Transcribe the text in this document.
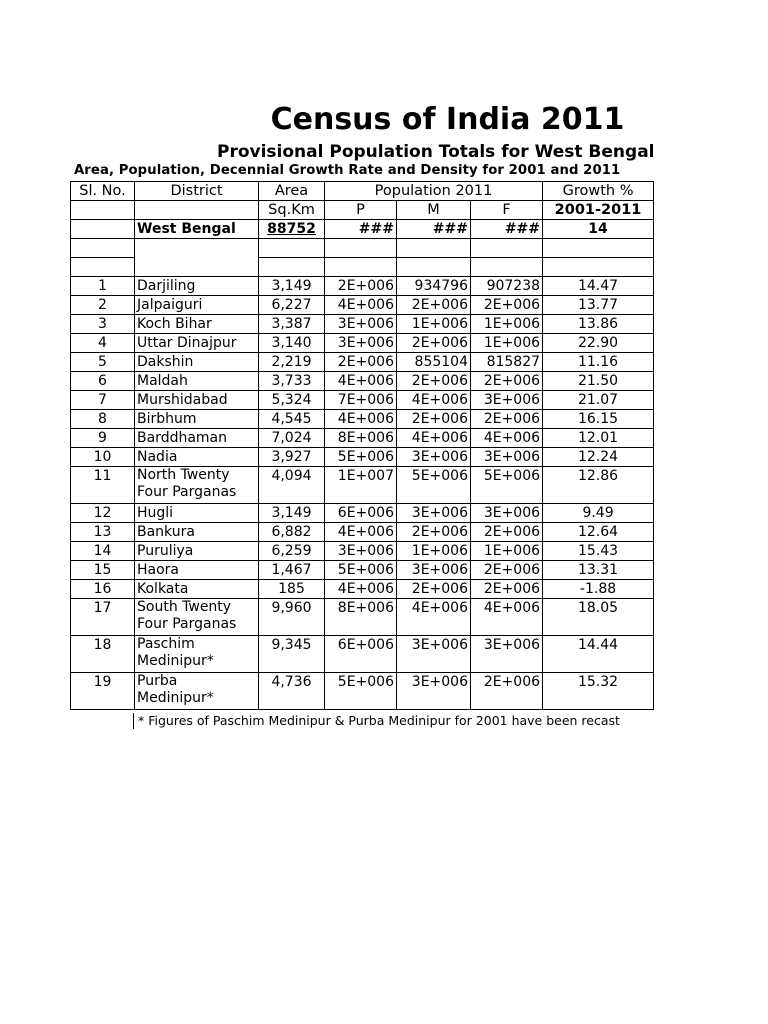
Census of India 2011
Provisional Population Totals for West Bengal
Area, Population, Decennial Growth Rate and Density for 2001 and 2011
Sl. No.	District	Area	Population 2011			Growth %
		Sq.Km	P	M	F	2001-2011
	West Bengal	88752	###	###	###	14

1	Darjiling	3,149	2E+006	934796	907238	14.47
2	Jalpaiguri	6,227	4E+006	2E+006	2E+006	13.77
3	Koch Bihar	3,387	3E+006	1E+006	1E+006	13.86
4	Uttar Dinajpur	3,140	3E+006	2E+006	1E+006	22.90
5	Dakshin	2,219	2E+006	855104	815827	11.16
6	Maldah	3,733	4E+006	2E+006	2E+006	21.50
7	Murshidabad	5,324	7E+006	4E+006	3E+006	21.07
8	Birbhum	4,545	4E+006	2E+006	2E+006	16.15
9	Barddhaman	7,024	8E+006	4E+006	4E+006	12.01
10	Nadia	3,927	5E+006	3E+006	3E+006	12.24
11	North Twenty Four Parganas	4,094	1E+007	5E+006	5E+006	12.86
12	Hugli	3,149	6E+006	3E+006	3E+006	9.49
13	Bankura	6,882	4E+006	2E+006	2E+006	12.64
14	Puruliya	6,259	3E+006	1E+006	1E+006	15.43
15	Haora	1,467	5E+006	3E+006	2E+006	13.31
16	Kolkata	185	4E+006	2E+006	2E+006	-1.88
17	South Twenty Four Parganas	9,960	8E+006	4E+006	4E+006	18.05
18	Paschim Medinipur*	9,345	6E+006	3E+006	3E+006	14.44
19	Purba Medinipur*	4,736	5E+006	3E+006	2E+006	15.32
* Figures of Paschim Medinipur & Purba Medinipur for 2001 have been recast
